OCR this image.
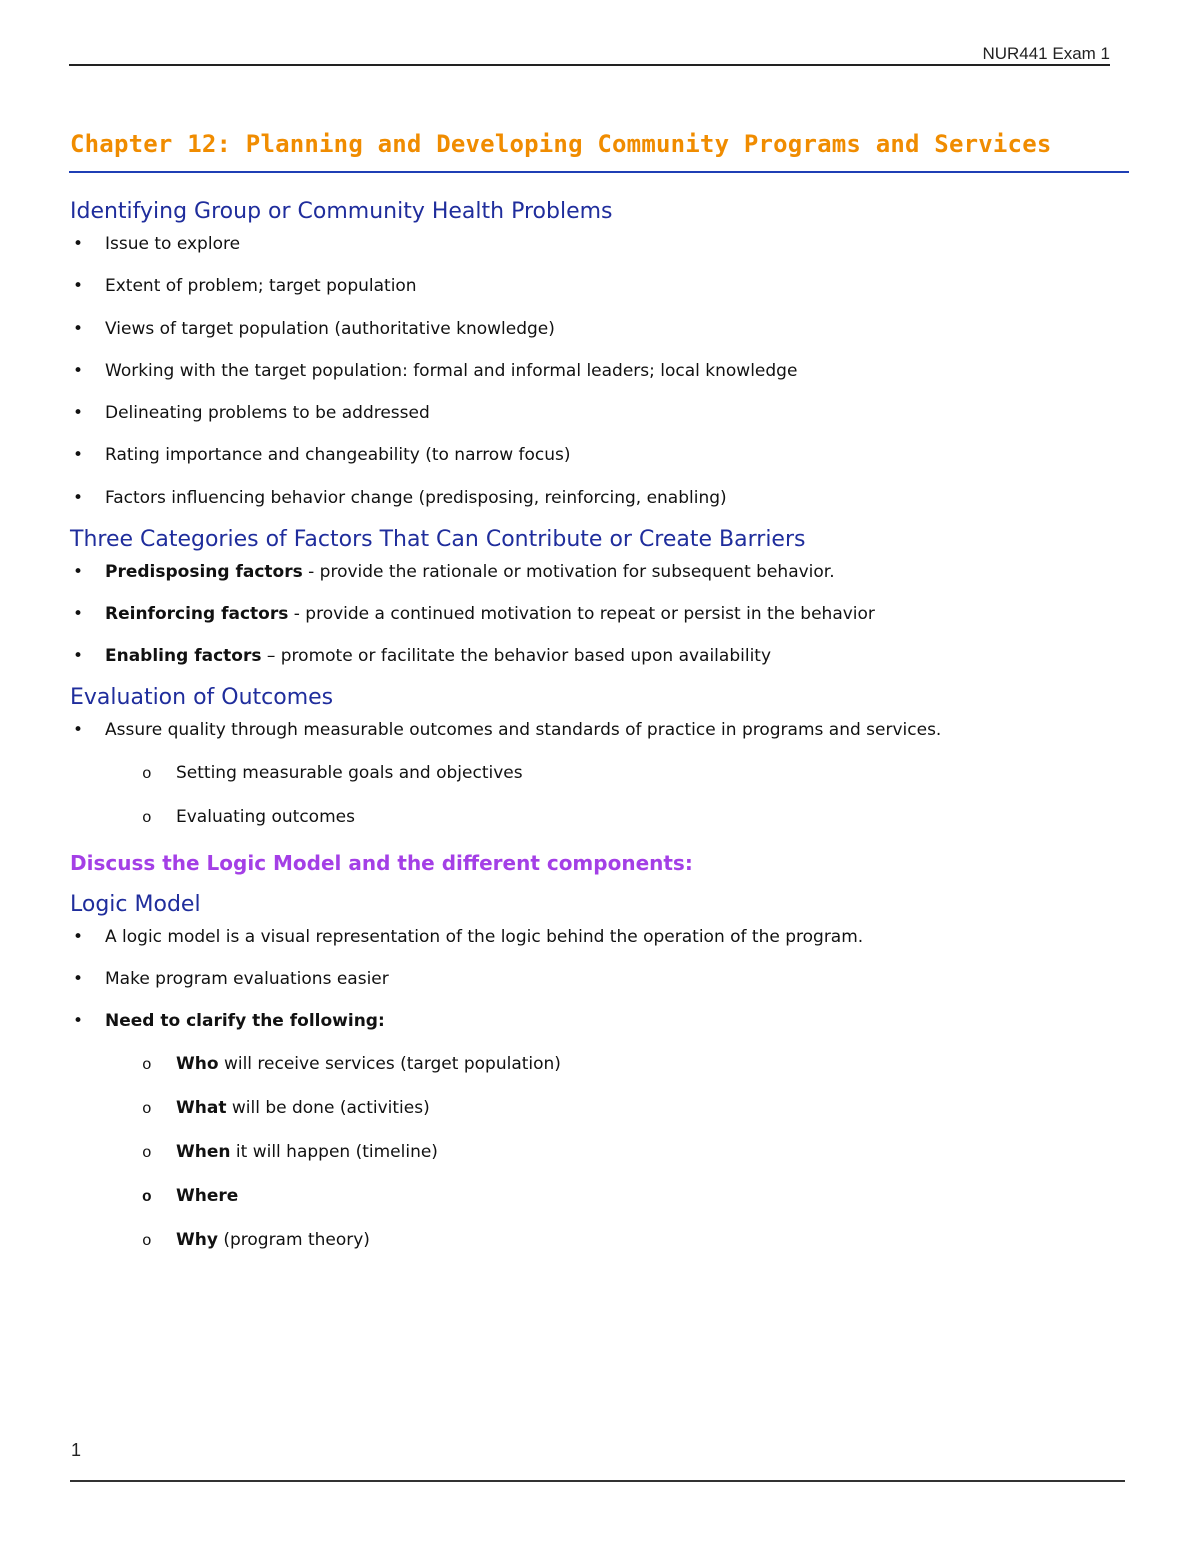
NUR441 Exam 1
Chapter 12: Planning and Developing Community Programs and Services
Identifying Group or Community Health Problems
• Issue to explore
• Extent of problem; target population
• Views of target population (authoritative knowledge)
• Working with the target population: formal and informal leaders; local knowledge
• Delineating problems to be addressed
• Rating importance and changeability (to narrow focus)
• Factors influencing behavior change (predisposing, reinforcing, enabling)
Three Categories of Factors That Can Contribute or Create Barriers
• Predisposing factors - provide the rationale or motivation for subsequent behavior.
• Reinforcing factors - provide a continued motivation to repeat or persist in the behavior
• Enabling factors – promote or facilitate the behavior based upon availability
Evaluation of Outcomes
• Assure quality through measurable outcomes and standards of practice in programs and services.
o Setting measurable goals and objectives
o Evaluating outcomes
Discuss the Logic Model and the different components:
Logic Model
• A logic model is a visual representation of the logic behind the operation of the program.
• Make program evaluations easier
• Need to clarify the following:
o Who will receive services (target population)
o What will be done (activities)
o When it will happen (timeline)
o Where
o Why (program theory)
1
